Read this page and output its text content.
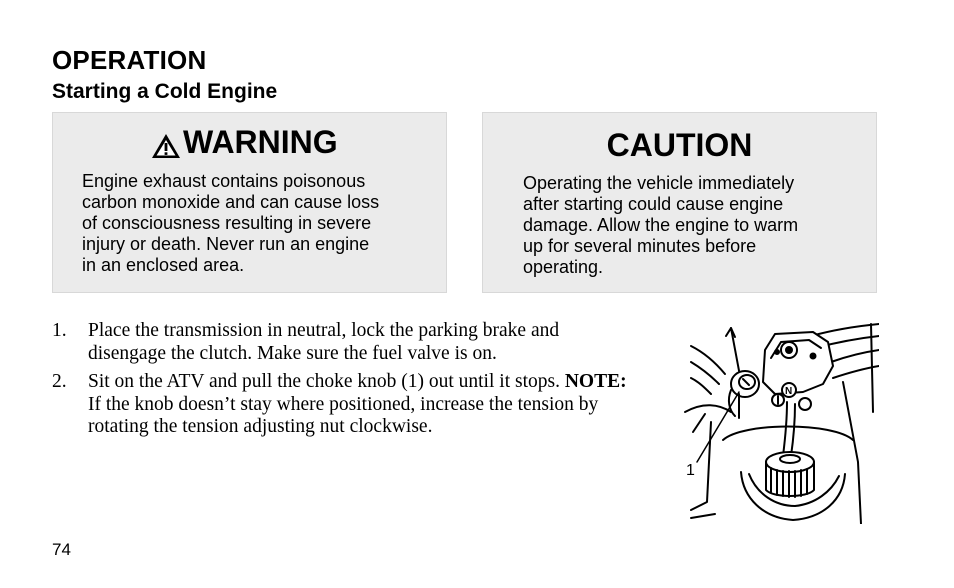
OPERATION
Starting a Cold Engine
WARNING
Engine exhaust contains poisonous
carbon monoxide and can cause loss
of consciousness resulting in severe
injury or death. Never run an engine
in an enclosed area.
CAUTION
Operating the vehicle immediately
after starting could cause engine
damage. Allow the engine to warm
up for several minutes before
operating.
1. Place the transmission in neutral, lock the parking brake and disengage the clutch. Make sure the fuel valve is on.
2. Sit on the ATV and pull the choke knob (1) out until it stops. NOTE: If the knob doesn’t stay where positioned, increase the tension by rotating the tension adjusting nut clockwise.
N
1
74
